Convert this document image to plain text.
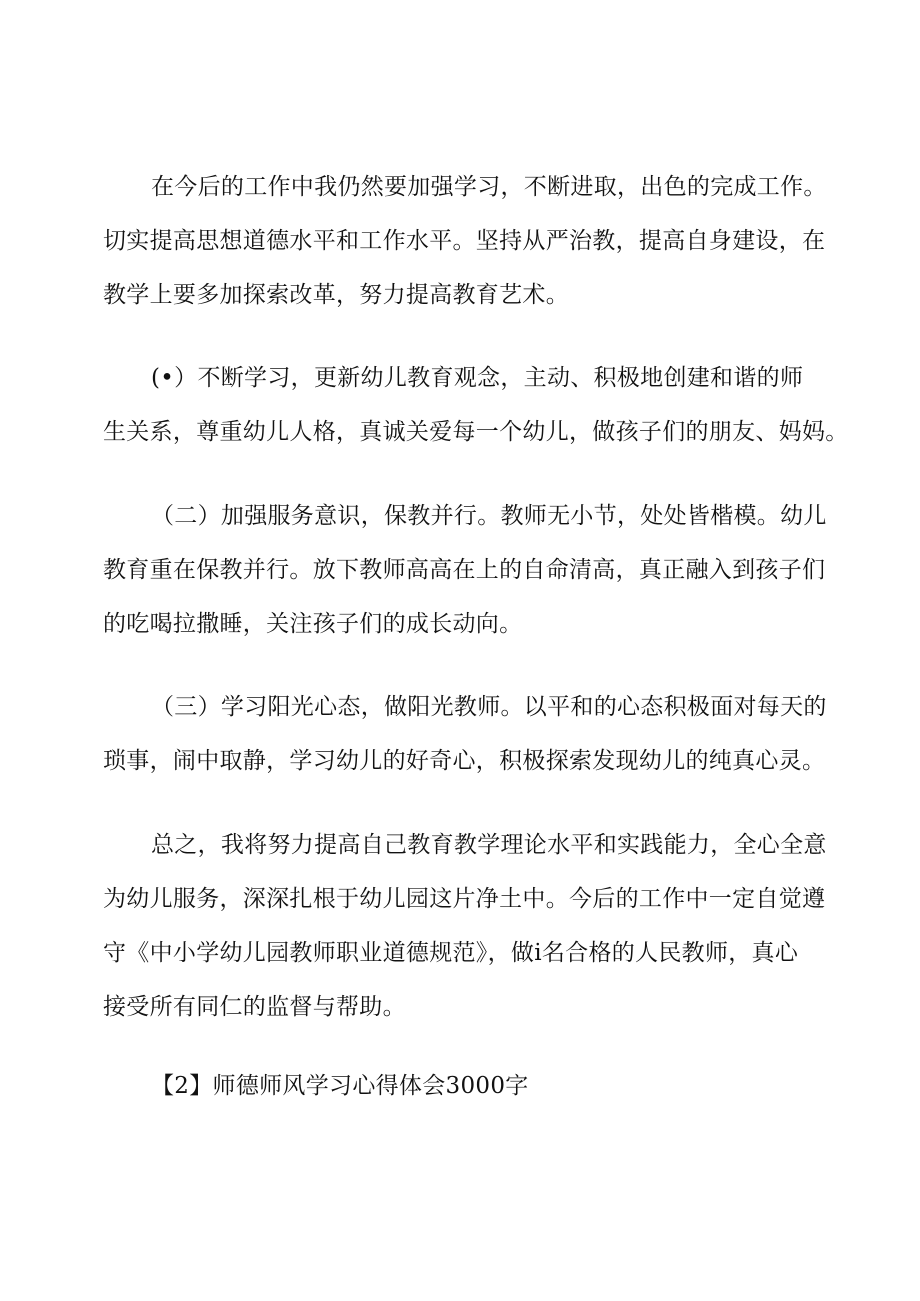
在今后的工作中我仍然要加强学习，不断进取，出色的完成工作。
切实提高思想道德水平和工作水平。坚持从严治教，提高自身建设，在
教学上要多加探索改革，努力提高教育艺术。

(•）不断学习，更新幼儿教育观念，主动、积极地创建和谐的师
生关系，尊重幼儿人格，真诚关爱每一个幼儿，做孩子们的朋友、妈妈。

（二）加强服务意识，保教并行。教师无小节，处处皆楷模。幼儿
教育重在保教并行。放下教师高高在上的自命清高，真正融入到孩子们
的吃喝拉撒睡，关注孩子们的成长动向。

（三）学习阳光心态，做阳光教师。以平和的心态积极面对每天的
琐事，闹中取静，学习幼儿的好奇心，积极探索发现幼儿的纯真心灵。

总之，我将努力提高自己教育教学理论水平和实践能力，全心全意
为幼儿服务，深深扎根于幼儿园这片净土中。今后的工作中一定自觉遵
守《中小学幼儿园教师职业道德规范》，做i名合格的人民教师，真心
接受所有同仁的监督与帮助。

【2】师德师风学习心得体会3000字
